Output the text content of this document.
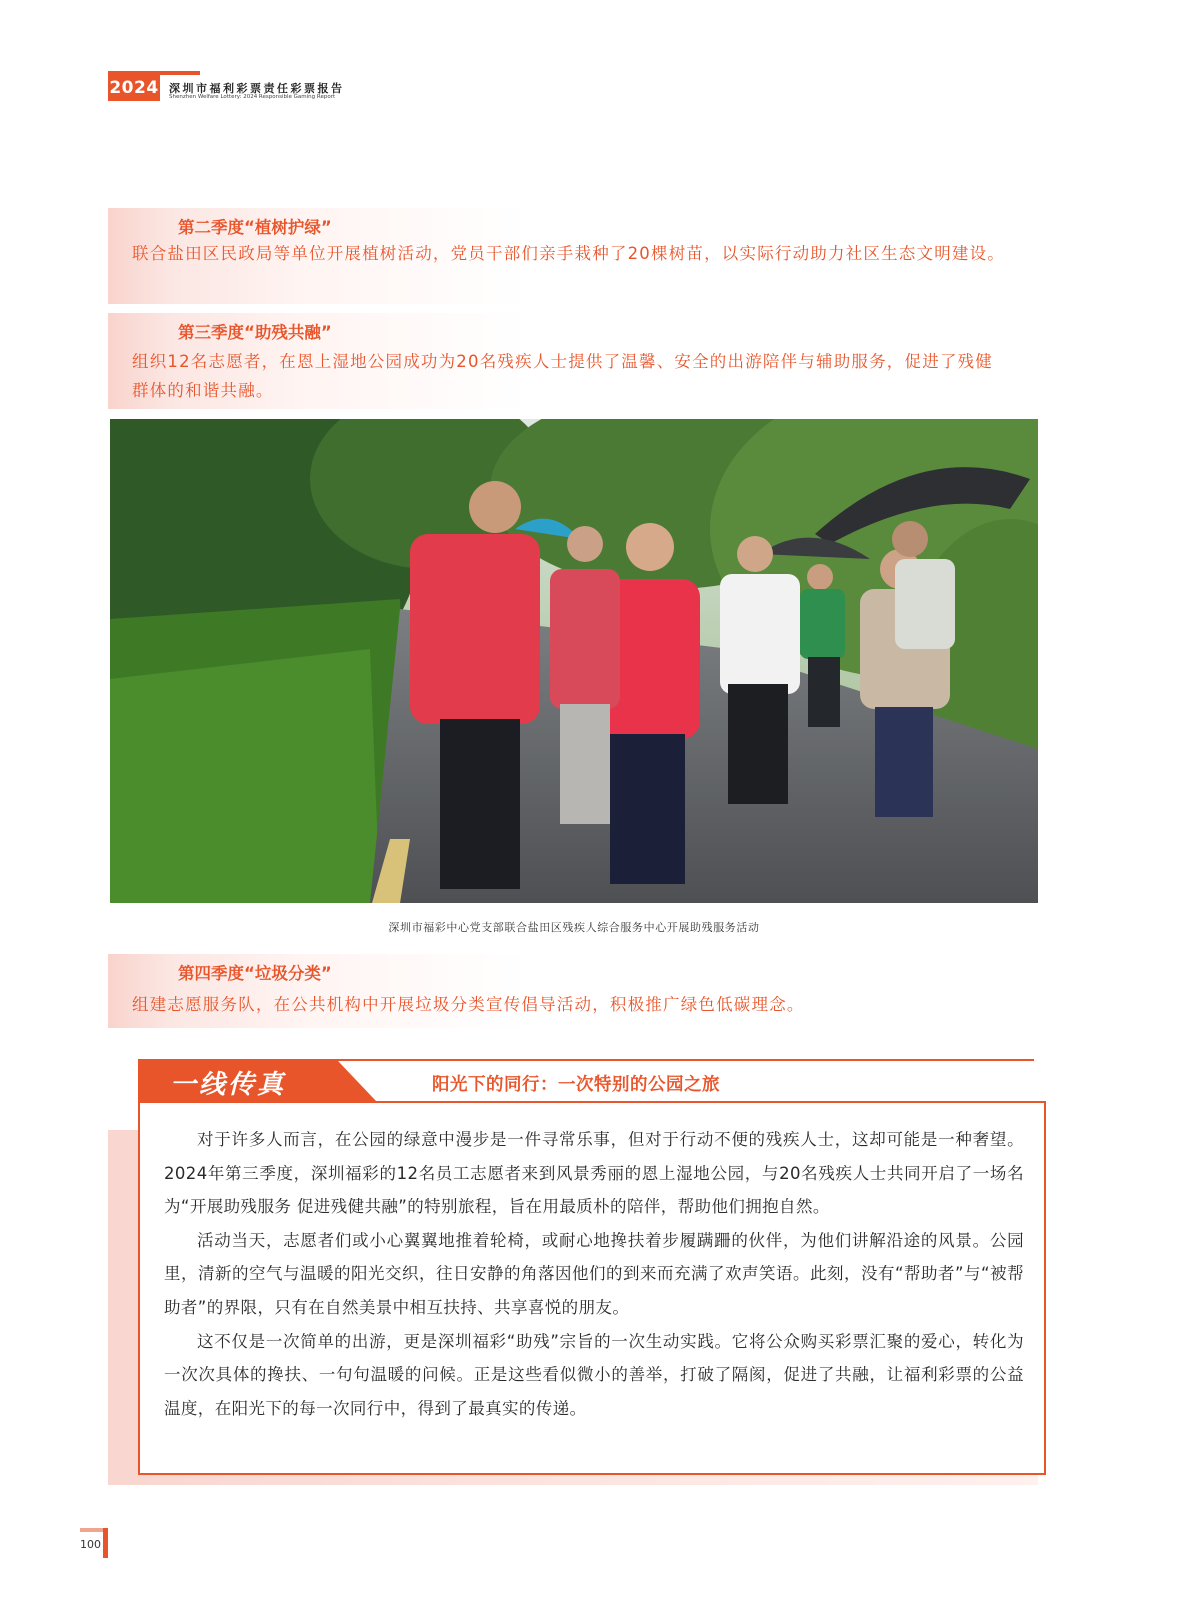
2024 深圳市福利彩票责任彩票报告
Shenzhen Welfare Lottery: 2024 Responsible Gaming Report
第二季度“植树护绿”
联合盐田区民政局等单位开展植树活动，党员干部们亲手栽种了20棵树苗，以实际行动助力社区生态文明建设。
第三季度“助残共融”
组织12名志愿者，在恩上湿地公园成功为20名残疾人士提供了温馨、安全的出游陪伴与辅助服务，促进了残健群体的和谐共融。
深圳市福彩中心党支部联合盐田区残疾人综合服务中心开展助残服务活动
第四季度“垃圾分类”
组建志愿服务队，在公共机构中开展垃圾分类宣传倡导活动，积极推广绿色低碳理念。

对于许多人而言，在公园的绿意中漫步是一件寻常乐事，但对于行动不便的残疾人士，这却可能是一种奢望。2024年第三季度，深圳福彩的12名员工志愿者来到风景秀丽的恩上湿地公园，与20名残疾人士共同开启了一场名为“开展助残服务 促进残健共融”的特别旅程，旨在用最质朴的陪伴，帮助他们拥抱自然。

活动当天，志愿者们或小心翼翼地推着轮椅，或耐心地搀扶着步履蹒跚的伙伴，为他们讲解沿途的风景。公园里，清新的空气与温暖的阳光交织，往日安静的角落因他们的到来而充满了欢声笑语。此刻，没有“帮助者”与“被帮助者”的界限，只有在自然美景中相互扶持、共享喜悦的朋友。

这不仅是一次简单的出游，更是深圳福彩“助残”宗旨的一次生动实践。它将公众购买彩票汇聚的爱心，转化为一次次具体的搀扶、一句句温暖的问候。正是这些看似微小的善举，打破了隔阂，促进了共融，让福利彩票的公益温度，在阳光下的每一次同行中，得到了最真实的传递。

一线传真	阳光下的同行：一次特别的公园之旅
100
